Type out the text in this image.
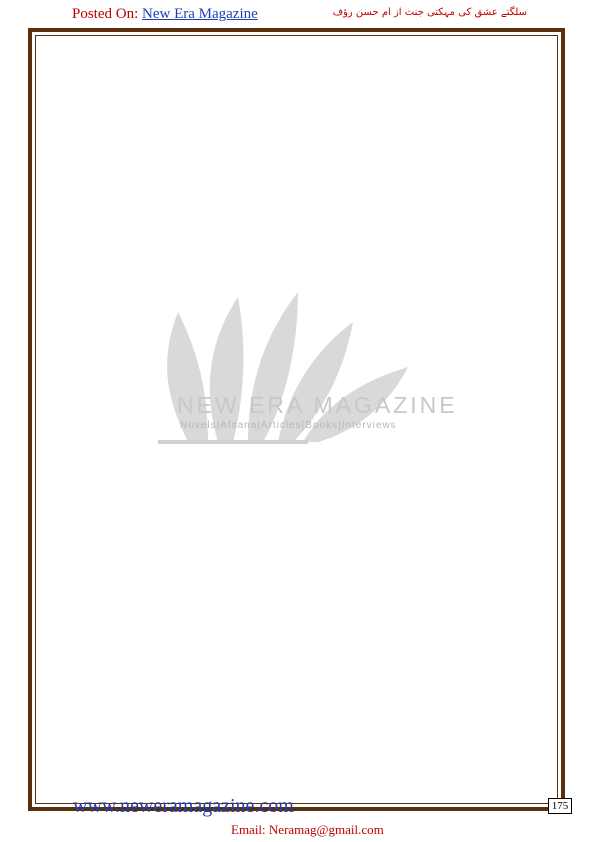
Posted On: New Era Magazine	سلگتے عشق کی مہکتی جنت از ام حسن رؤف
NEW ERA MAGAZINE
Novels|Afsana|Articles|Books|Interviews
www.neweramagazine.com	175
Email: Neramag@gmail.com
